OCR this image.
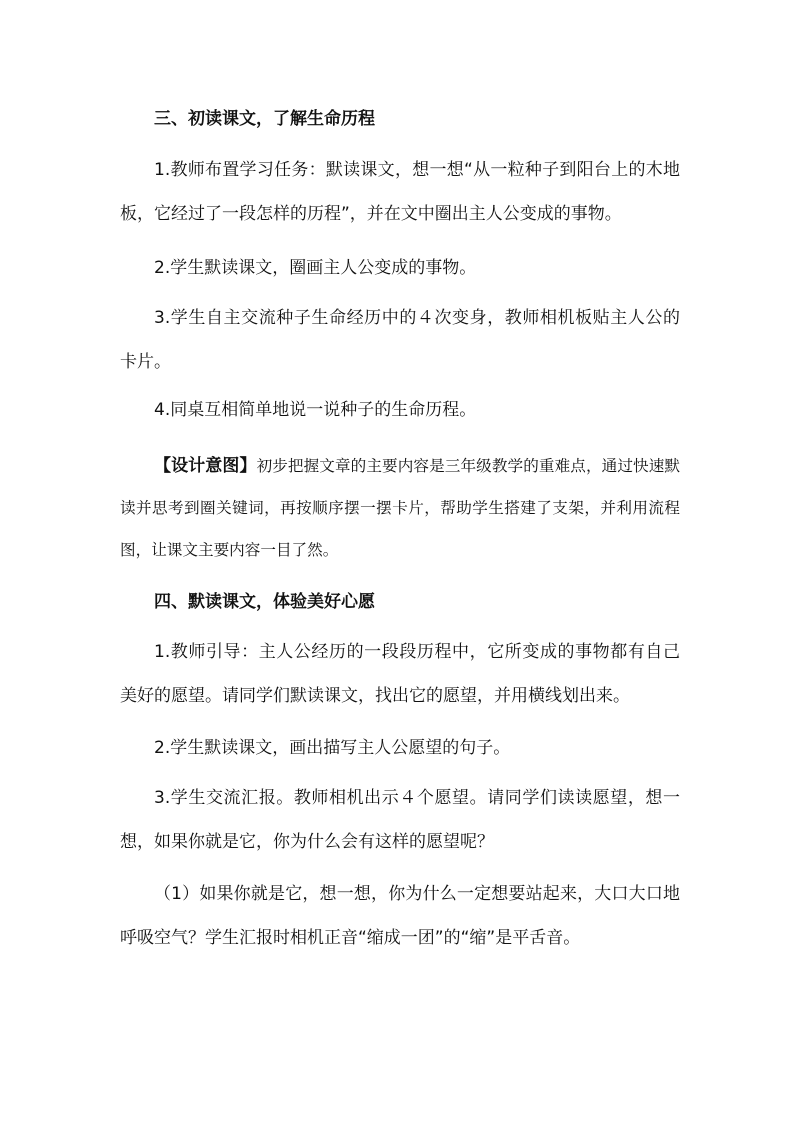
三、初读课文，了解生命历程

1.教师布置学习任务：默读课文，想一想“从一粒种子到阳台上的木地板，它经过了一段怎样的历程”，并在文中圈出主人公变成的事物。

2.学生默读课文，圈画主人公变成的事物。

3.学生自主交流种子生命经历中的４次变身，教师相机板贴主人公的卡片。

4.同桌互相简单地说一说种子的生命历程。

【设计意图】初步把握文章的主要内容是三年级教学的重难点，通过快速默读并思考到圈关键词，再按顺序摆一摆卡片，帮助学生搭建了支架，并利用流程图，让课文主要内容一目了然。

四、默读课文，体验美好心愿

1.教师引导：主人公经历的一段段历程中，它所变成的事物都有自己美好的愿望。请同学们默读课文，找出它的愿望，并用横线划出来。

2.学生默读课文，画出描写主人公愿望的句子。

3.学生交流汇报。教师相机出示４个愿望。请同学们读读愿望，想一想，如果你就是它，你为什么会有这样的愿望呢？

（1）如果你就是它，想一想，你为什么一定想要站起来，大口大口地呼吸空气？学生汇报时相机正音“缩成一团”的“缩”是平舌音。
